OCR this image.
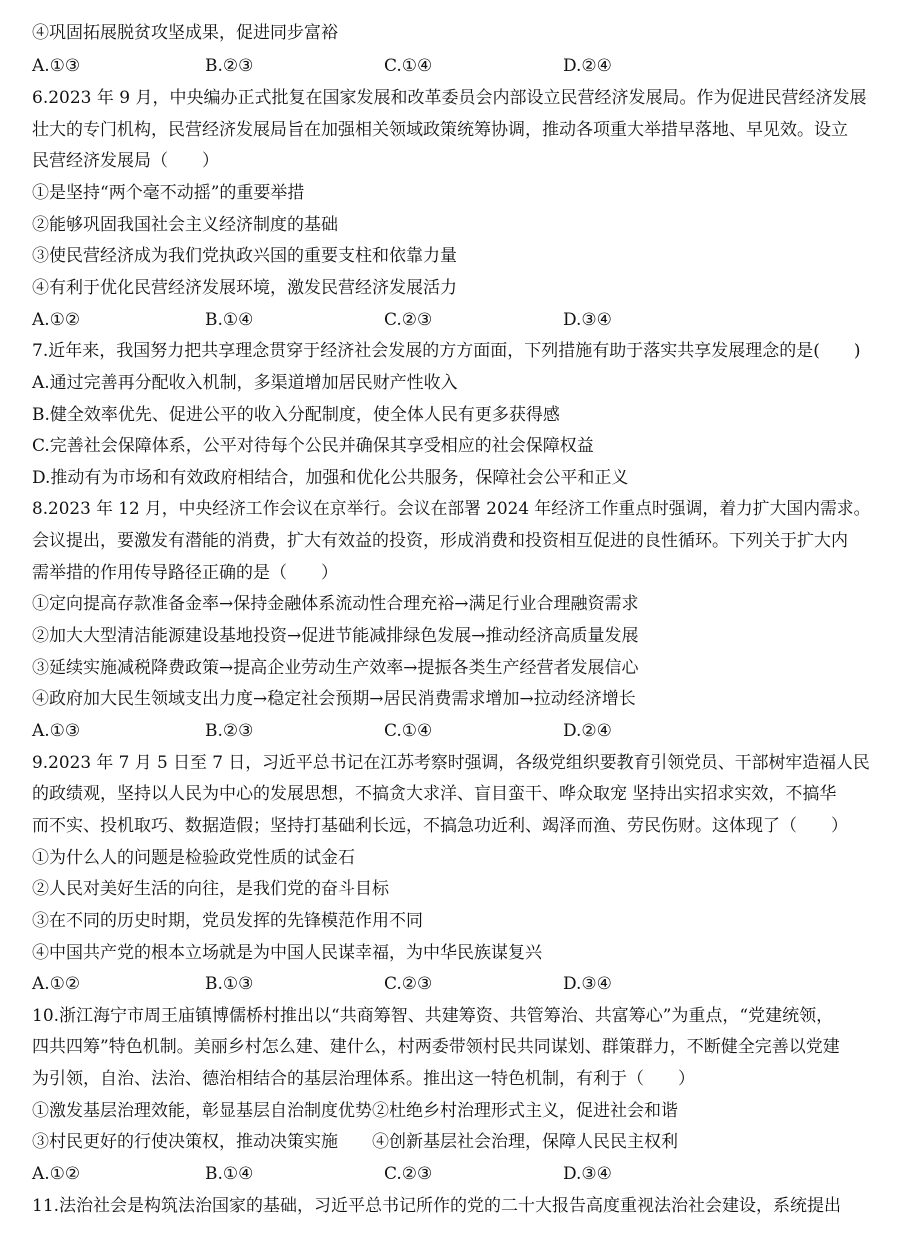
④巩固拓展脱贫攻坚成果，促进同步富裕
A.①③	B.②③	C.①④	D.②④
6.2023 年 9 月，中央编办正式批复在国家发展和改革委员会内部设立民营经济发展局。作为促进民营经济发展
壮大的专门机构，民营经济发展局旨在加强相关领域政策统筹协调，推动各项重大举措早落地、早见效。设立
民营经济发展局（　　）
①是坚持“两个毫不动摇”的重要举措
②能够巩固我国社会主义经济制度的基础
③使民营经济成为我们党执政兴国的重要支柱和依靠力量
④有利于优化民营经济发展环境，激发民营经济发展活力
A.①②	B.①④	C.②③	D.③④
7.近年来，我国努力把共享理念贯穿于经济社会发展的方方面面，下列措施有助于落实共享发展理念的是(　　)
A.通过完善再分配收入机制，多渠道增加居民财产性收入
B.健全效率优先、促进公平的收入分配制度，使全体人民有更多获得感
C.完善社会保障体系，公平对待每个公民并确保其享受相应的社会保障权益
D.推动有为市场和有效政府相结合，加强和优化公共服务，保障社会公平和正义
8.2023 年 12 月，中央经济工作会议在京举行。会议在部署 2024 年经济工作重点时强调，着力扩大国内需求。
会议提出，要激发有潜能的消费，扩大有效益的投资，形成消费和投资相互促进的良性循环。下列关于扩大内
需举措的作用传导路径正确的是（　　）
①定向提高存款准备金率→保持金融体系流动性合理充裕→满足行业合理融资需求
②加大大型清洁能源建设基地投资→促进节能减排绿色发展→推动经济高质量发展
③延续实施减税降费政策→提高企业劳动生产效率→提振各类生产经营者发展信心
④政府加大民生领域支出力度→稳定社会预期→居民消费需求增加→拉动经济增长
A.①③	B.②③	C.①④	D.②④
9.2023 年 7 月 5 日至 7 日，习近平总书记在江苏考察时强调，各级党组织要教育引领党员、干部树牢造福人民
的政绩观，坚持以人民为中心的发展思想，不搞贪大求洋、盲目蛮干、哗众取宠 坚持出实招求实效，不搞华
而不实、投机取巧、数据造假；坚持打基础利长远，不搞急功近利、竭泽而渔、劳民伤财。这体现了（　　）
①为什么人的问题是检验政党性质的试金石
②人民对美好生活的向往，是我们党的奋斗目标
③在不同的历史时期，党员发挥的先锋模范作用不同
④中国共产党的根本立场就是为中国人民谋幸福，为中华民族谋复兴
A.①②	B.①③	C.②③	D.③④
10.浙江海宁市周王庙镇博儒桥村推出以“共商筹智、共建筹资、共管筹治、共富筹心”为重点，“党建统领，
四共四筹”特色机制。美丽乡村怎么建、建什么，村两委带领村民共同谋划、群策群力，不断健全完善以党建
为引领，自治、法治、德治相结合的基层治理体系。推出这一特色机制，有利于（　　）
①激发基层治理效能，彰显基层自治制度优势②杜绝乡村治理形式主义，促进社会和谐
③村民更好的行使决策权，推动决策实施　　④创新基层社会治理，保障人民民主权利
A.①②	B.①④	C.②③	D.③④
11.法治社会是构筑法治国家的基础，习近平总书记所作的党的二十大报告高度重视法治社会建设，系统提出
